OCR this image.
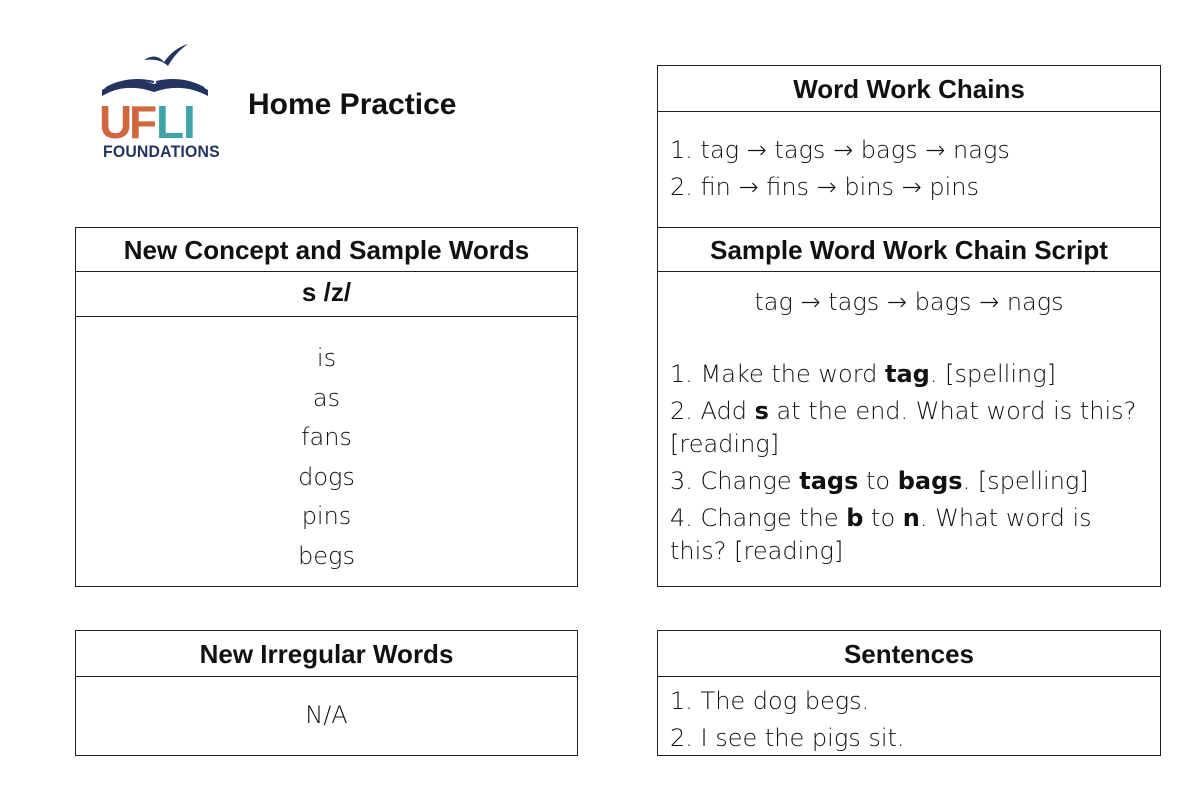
U
F
L
I
FOUNDATIONS
Home Practice
New Concept and Sample Words
s /z/
is
as
fans
dogs
pins
begs
New Irregular Words
N/A
Word Work Chains
1. tag → tags → bags → nags
2. fin → fins → bins → pins
Sample Word Work Chain Script
tag → tags → bags → nags

1. Make the word tag. [spelling]

2. Add s at the end. What word is this? [reading]

3. Change tags to bags. [spelling]

4. Change the b to n. What word is this? [reading]

Sentences
1. The dog begs.
2. I see the pigs sit.
